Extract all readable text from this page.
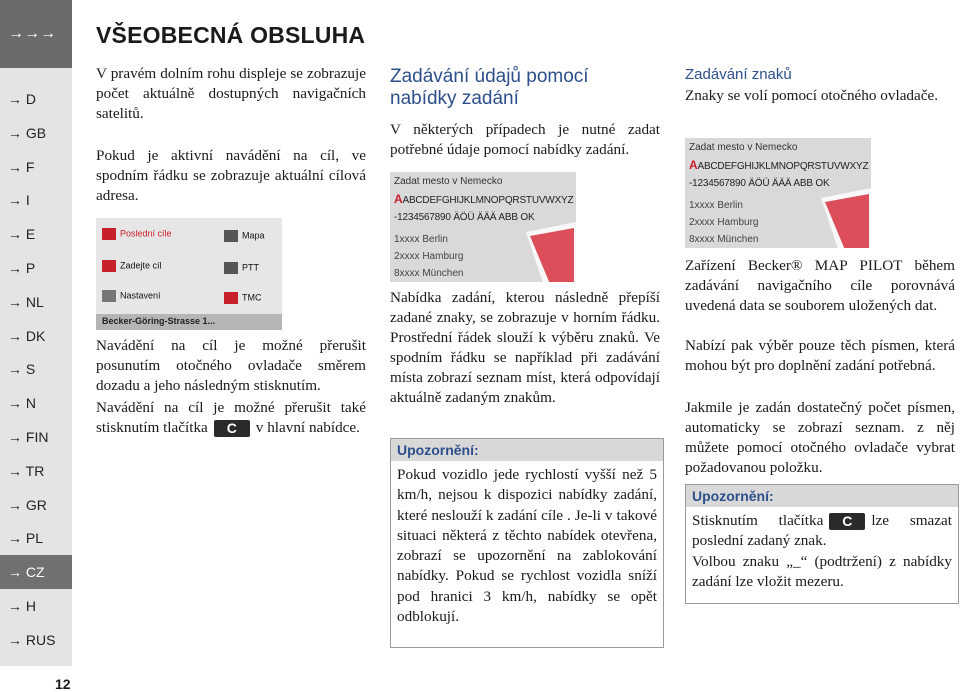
→→→
→ D
→ GB
→ F
→ I
→ E
→ P
→ NL
→ DK
→ S
→ N
→ FIN
→ TR
→ GR
→ PL
→ CZ
→ H
→ RUS
VŠEOBECNÁ OBSLUHA

V pravém dolním rohu displeje se zobrazuje počet aktuálně dostupných navigačních satelitů.

Pokud je aktivní navádění na cíl, ve spodním řádku se zobrazuje aktuální cílová adresa.

Poslední cíle	Mapa
Zadejte cíl	PTT
Nastavení	TMC
Becker-Göring-Strasse 1...

Navádění na cíl je možné přerušit posunutím otočného ovladače směrem dozadu a jeho následným stisknutím.

Navádění na cíl je možné přerušit také stisknutím tlačítka C v hlavní nabídce.

Zadávání údajů pomocí nabídky zadání

V některých případech je nutné zadat potřebné údaje pomocí nabídky zadání.

Zadat mesto v Nemecko
AABCDEFGHIJKLMNOPQRSTUVWXYZ
-1234567890 ÄÖÜ ÄÄÄ ABB OK
1xxxx Berlin
2xxxx Hamburg
8xxxx München

Nabídka zadání, kterou následně přepíší zadané znaky, se zobrazuje v horním řádku. Prostřední řádek slouží k výběru znaků. Ve spodním řádku se například při zadávání místa zobrazí seznam míst, která odpovídají aktuálně zadaným znakům.

Upozornění:
Pokud vozidlo jede rychlostí vyšší než 5 km/h, nejsou k dispozici nabídky zadání, které neslouží k zadání cíle . Je-li v takové situaci některá z těchto nabídek otevřena, zobrazí se upozornění na zablokování nabídky. Pokud se rychlost vozidla sníží pod hranici 3 km/h, nabídky se opět odblokují.
Zadávání znaků

Znaky se volí pomocí otočného ovladače.

Zadat mesto v Nemecko
AABCDEFGHIJKLMNOPQRSTUVWXYZ
-1234567890 ÄÖÜ ÄÄÄ ABB OK
1xxxx Berlin
2xxxx Hamburg
8xxxx München

Zařízení Becker® MAP PILOT během zadávání navigačního cíle porovnává uvedená data se souborem uložených dat.

Nabízí pak výběr pouze těch písmen, která mohou být pro doplnění zadání potřebná.

Jakmile je zadán dostatečný počet písmen, automaticky se zobrazí seznam. z něj můžete pomocí otočného ovladače vybrat požadovanou položku.

Upozornění:
Stisknutím tlačítka C lze smazat poslední zadaný znak.
Volbou znaku „_“ (podtržení) z nabídky zadání lze vložit mezeru.
12
